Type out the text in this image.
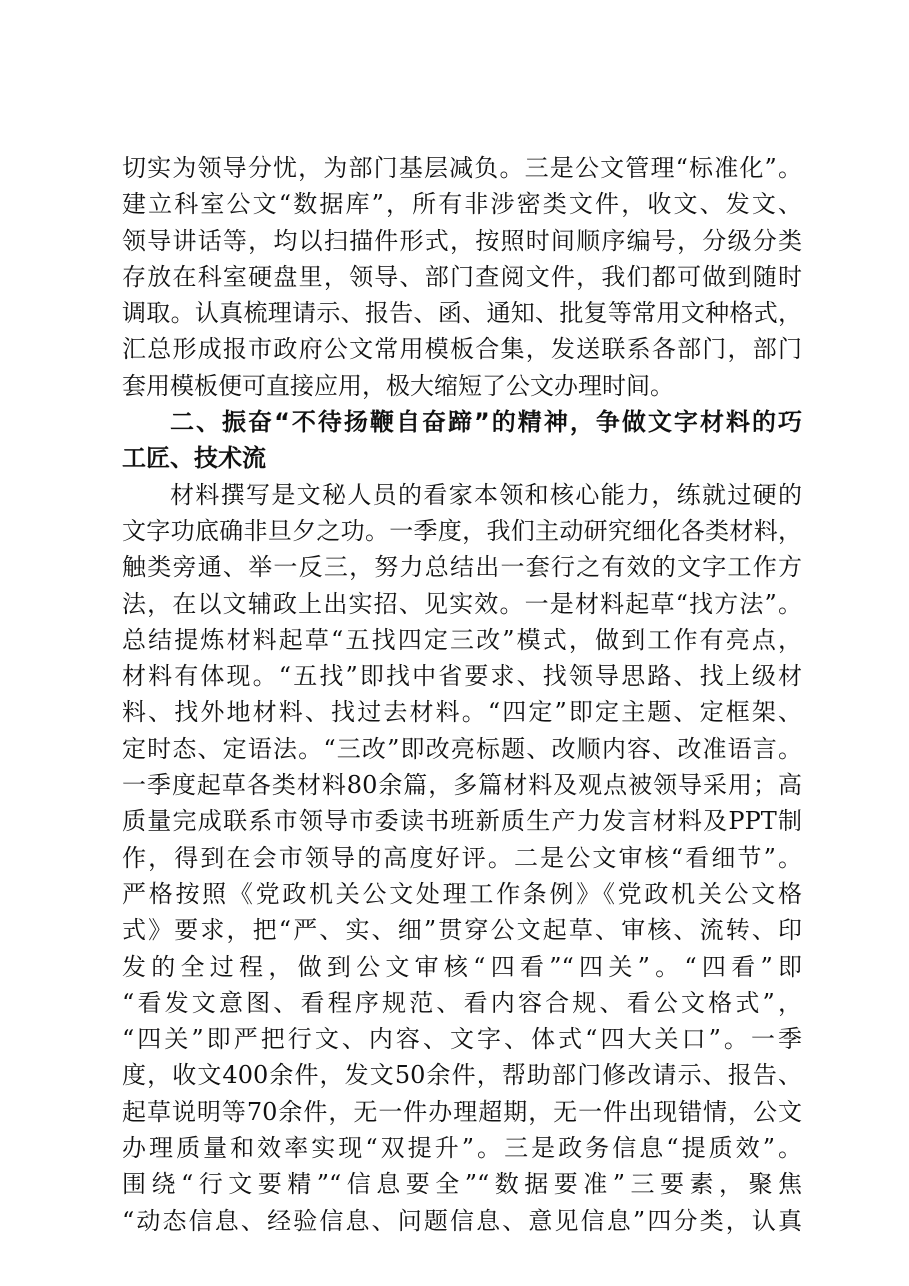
切实为领导分忧，为部门基层减负。三是公文管理“标准化”。
建立科室公文“数据库”，所有非涉密类文件，收文、发文、
领导讲话等，均以扫描件形式，按照时间顺序编号，分级分类
存放在科室硬盘里，领导、部门查阅文件，我们都可做到随时
调取。认真梳理请示、报告、函、通知、批复等常用文种格式，
汇总形成报市政府公文常用模板合集，发送联系各部门，部门
套用模板便可直接应用，极大缩短了公文办理时间。
二、振奋“不待扬鞭自奋蹄”的精神，争做文字材料的巧
工匠、技术流
材料撰写是文秘人员的看家本领和核心能力，练就过硬的
文字功底确非旦夕之功。一季度，我们主动研究细化各类材料，
触类旁通、举一反三，努力总结出一套行之有效的文字工作方
法，在以文辅政上出实招、见实效。一是材料起草“找方法”。
总结提炼材料起草“五找四定三改”模式，做到工作有亮点，
材料有体现。“五找”即找中省要求、找领导思路、找上级材
料、找外地材料、找过去材料。“四定”即定主题、定框架、
定时态、定语法。“三改”即改亮标题、改顺内容、改准语言。
一季度起草各类材料80余篇，多篇材料及观点被领导采用；高
质量完成联系市领导市委读书班新质生产力发言材料及PPT制
作，得到在会市领导的高度好评。二是公文审核“看细节”。
严格按照《党政机关公文处理工作条例》《党政机关公文格
式》要求，把“严、实、细”贯穿公文起草、审核、流转、印
发的全过程，做到公文审核“四看”“四关”。“四看”即
“看发文意图、看程序规范、看内容合规、看公文格式”，
“四关”即严把行文、内容、文字、体式“四大关口”。一季
度，收文400余件，发文50余件，帮助部门修改请示、报告、
起草说明等70余件，无一件办理超期，无一件出现错情，公文
办理质量和效率实现“双提升”。三是政务信息“提质效”。
围绕“行文要精”“信息要全”“数据要准”三要素，聚焦
“动态信息、经验信息、问题信息、意见信息”四分类，认真
